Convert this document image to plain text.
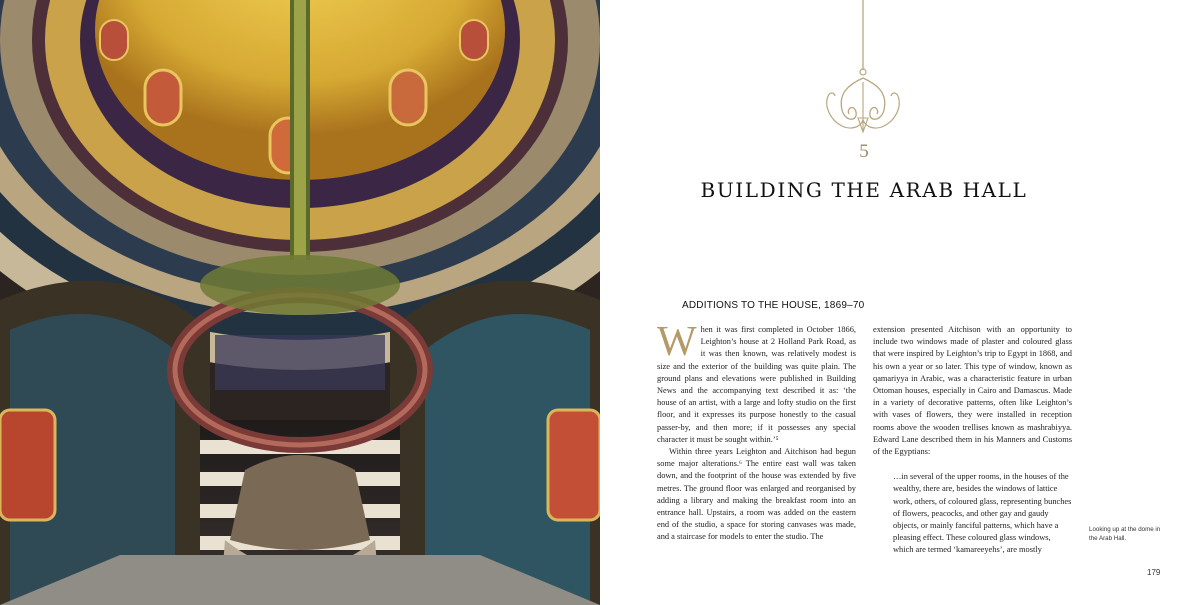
5
BUILDING THE ARAB HALL
ADDITIONS TO THE HOUSE, 1869–70

When it was first completed in October 1866, Leighton’s house at 2 Holland Park Road, as it was then known, was relatively modest is size and the exterior of the building was quite plain. The ground plans and elevations were published in Building News and the accompanying text described it as: ‘the house of an artist, with a large and lofty studio on the first floor, and it expresses its purpose honestly to the casual passer-by, and then more; if it possesses any special character it must be sought within.’⁵

Within three years Leighton and Aitchison had begun some major alterations.⁶ The entire east wall was taken down, and the footprint of the house was extended by five metres. The ground floor was enlarged and reorganised by adding a library and making the breakfast room into an entrance hall. Upstairs, a room was added on the eastern end of the studio, a space for storing canvases was made, and a staircase for models to enter the studio. The

extension presented Aitchison with an opportunity to include two windows made of plaster and coloured glass that were inspired by Leighton’s trip to Egypt in 1868, and his own a year or so later. This type of window, known as qamariyya in Arabic, was a characteristic feature in urban Ottoman houses, especially in Cairo and Damascus. Made in a variety of decorative patterns, often like Leighton’s with vases of flowers, they were installed in reception rooms above the wooden trellises known as mashrabiyya. Edward Lane described them in his Manners and Customs of the Egyptians:

…in several of the upper rooms, in the houses of the wealthy, there are, besides the windows of lattice work, others, of coloured glass, representing bunches of flowers, peacocks, and other gay and gaudy objects, or mainly fanciful patterns, which have a pleasing effect. These coloured glass windows, which are termed ‘kamareeyehs’, are mostly

Looking up at the dome in the Arab Hall.
179
